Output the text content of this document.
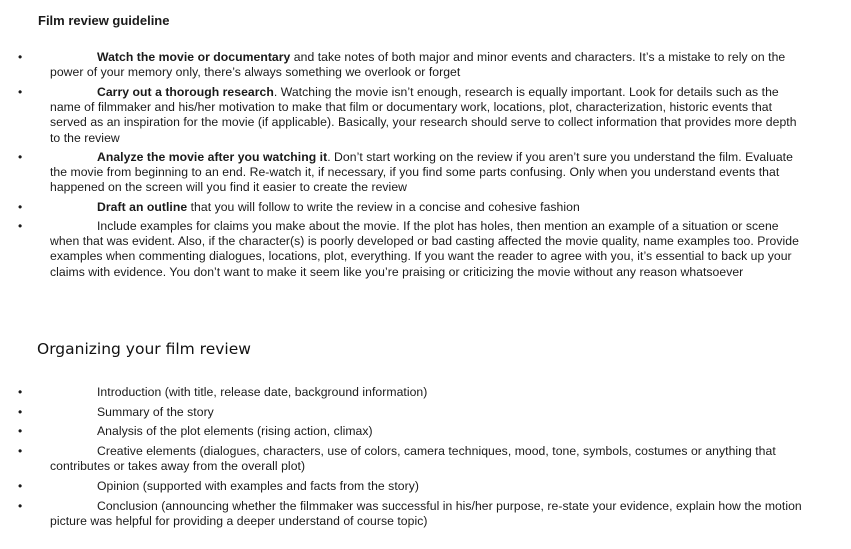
Film review guideline
•	Watch the movie or documentary and take notes of both major and minor events and characters. It’s a mistake to rely on the power of your memory only, there’s always something we overlook or forget

•	Carry out a thorough research. Watching the movie isn’t enough, research is equally important. Look for details such as the name of filmmaker and his/her motivation to make that film or documentary work, locations, plot, characterization, historic events that served as an inspiration for the movie (if applicable). Basically, your research should serve to collect information that provides more depth to the review

•	Analyze the movie after you watching it. Don’t start working on the review if you aren’t sure you understand the film. Evaluate the movie from beginning to an end. Re-watch it, if necessary, if you find some parts confusing. Only when you understand events that happened on the screen will you find it easier to create the review

•	Draft an outline that you will follow to write the review in a concise and cohesive fashion

•	Include examples for claims you make about the movie. If the plot has holes, then mention an example of a situation or scene when that was evident. Also, if the character(s) is poorly developed or bad casting affected the movie quality, name examples too. Provide examples when commenting dialogues, locations, plot, everything. If you want the reader to agree with you, it’s essential to back up your claims with evidence. You don’t want to make it seem like you’re praising or criticizing the movie without any reason whatsoever

Organizing your film review
•	Introduction (with title, release date, background information)

•	Summary of the story

•	Analysis of the plot elements (rising action, climax)

•	Creative elements (dialogues, characters, use of colors, camera techniques, mood, tone, symbols, costumes or anything that contributes or takes away from the overall plot)

•	Opinion (supported with examples and facts from the story)

•	Conclusion (announcing whether the filmmaker was successful in his/her purpose, re-state your evidence, explain how the motion picture was helpful for providing a deeper understand of course topic)
